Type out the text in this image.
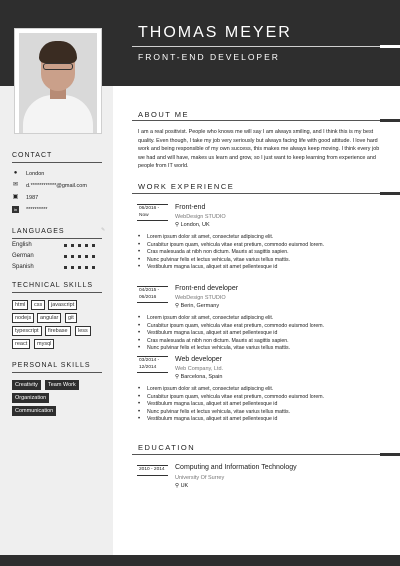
THOMAS MEYER
FRONT-END DEVELOPER
CONTACT
●	London
✉ d.************@gmail.com
▣ 1987
in	**********
LANGUAGES	✎
English
German
Spanish
TECHNICAL SKILLS
html	css	javascript
nodejs	angular	git
typescript	firebase	less
react	mysql
PERSONAL SKILLS
Creativity	Team Work
Organization
Communication
ABOUT ME
I am a real positivist. People who knows me will say I am always smiling, and I think this is my best quality. Even though, I take my job very seriously but always facing life with good attitude. I love hard work and being responsible of my own success, this makes me always keep moving. I think every job we had and will have, makes us learn and grow, so I just want to keep learning from experience and people from IT world.
WORK EXPERIENCE
06/2016 - Now
Front-end
WebDesign STUDIO
⚲ London, UK
• Lorem ipsum dolor sit amet, consectetur adipiscing elit.
• Curabitur ipsum quam, vehicula vitae erat pretium, commodo euismod lorem.
• Cras malesuada at nibh non dictum. Mauris at sagittis sapien.
• Nunc pulvinar felis et lectus vehicula, vitae varius tellus mattis.
• Vestibulum magna lacus, aliquet sit amet pellentesque id
04/2015 - 06/2016
Front-end developer
WebDesign STUDIO
⚲ Berin, Germany
• Lorem ipsum dolor sit amet, consectetur adipiscing elit.
• Curabitur ipsum quam, vehicula vitae erat pretium, commodo euismod lorem.
• Vestibulum magna lacus, aliquet sit amet pellentesque id
• Cras malesuada at nibh non dictum. Mauris at sagittis sapien.
• Nunc pulvinar felis et lectus vehicula, vitae varius tellus mattis.
03/2014 - 12/2014
Web developer
Web Company, Ltd.
⚲ Barcelona, Spain
• Lorem ipsum dolor sit amet, consectetur adipiscing elit.
• Curabitur ipsum quam, vehicula vitae erat pretium, commodo euismod lorem.
• Vestibulum magna lacus, aliquet sit amet pellentesque id
• Nunc pulvinar felis et lectus vehicula, vitae varius tellus mattis.
• Vestibulum magna lacus, aliquet sit amet pellentesque id
EDUCATION
2010 - 2014	Computing and Information Technology
University Of Surrey
⚲ UK
